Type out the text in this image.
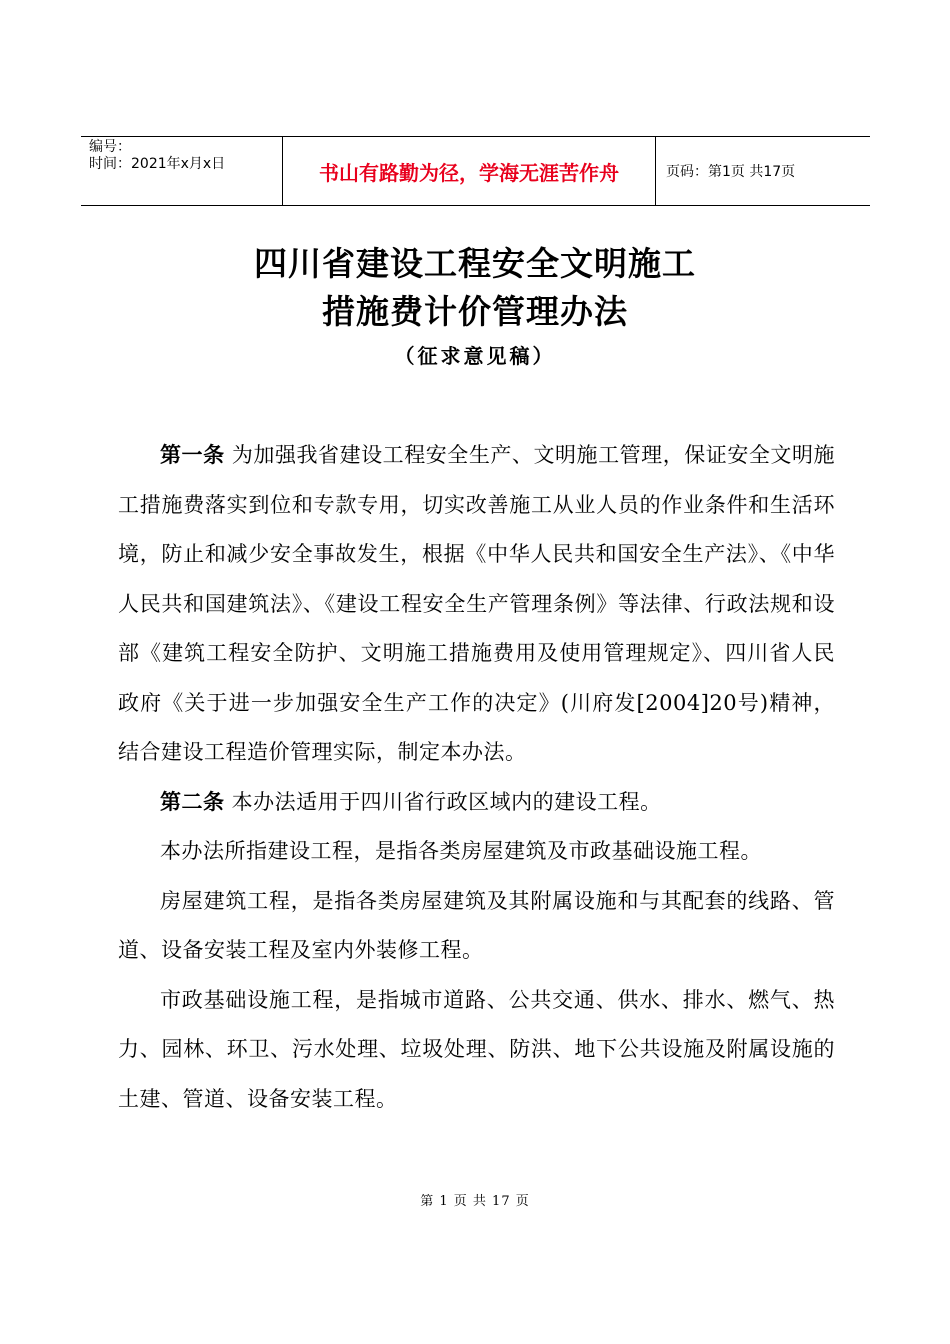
编号：
时间：2021年x月x日	书山有路勤为径，学海无涯苦作舟	页码：第1页 共17页
四川省建设工程安全文明施工
措施费计价管理办法
（征求意见稿）

第一条 为加强我省建设工程安全生产、文明施工管理，保证安全文明施工措施费落实到位和专款专用，切实改善施工从业人员的作业条件和生活环境，防止和减少安全事故发生，根据《中华人民共和国安全生产法》、《中华人民共和国建筑法》、《建设工程安全生产管理条例》等法律、行政法规和设部《建筑工程安全防护、文明施工措施费用及使用管理规定》、四川省人民政府《关于进一步加强安全生产工作的决定》(川府发[2004]20号)精神，结合建设工程造价管理实际，制定本办法。

第二条 本办法适用于四川省行政区域内的建设工程。

本办法所指建设工程，是指各类房屋建筑及市政基础设施工程。

房屋建筑工程，是指各类房屋建筑及其附属设施和与其配套的线路、管道、设备安装工程及室内外装修工程。

市政基础设施工程，是指城市道路、公共交通、供水、排水、燃气、热力、园林、环卫、污水处理、垃圾处理、防洪、地下公共设施及附属设施的土建、管道、设备安装工程。

第 1 页 共 17 页
